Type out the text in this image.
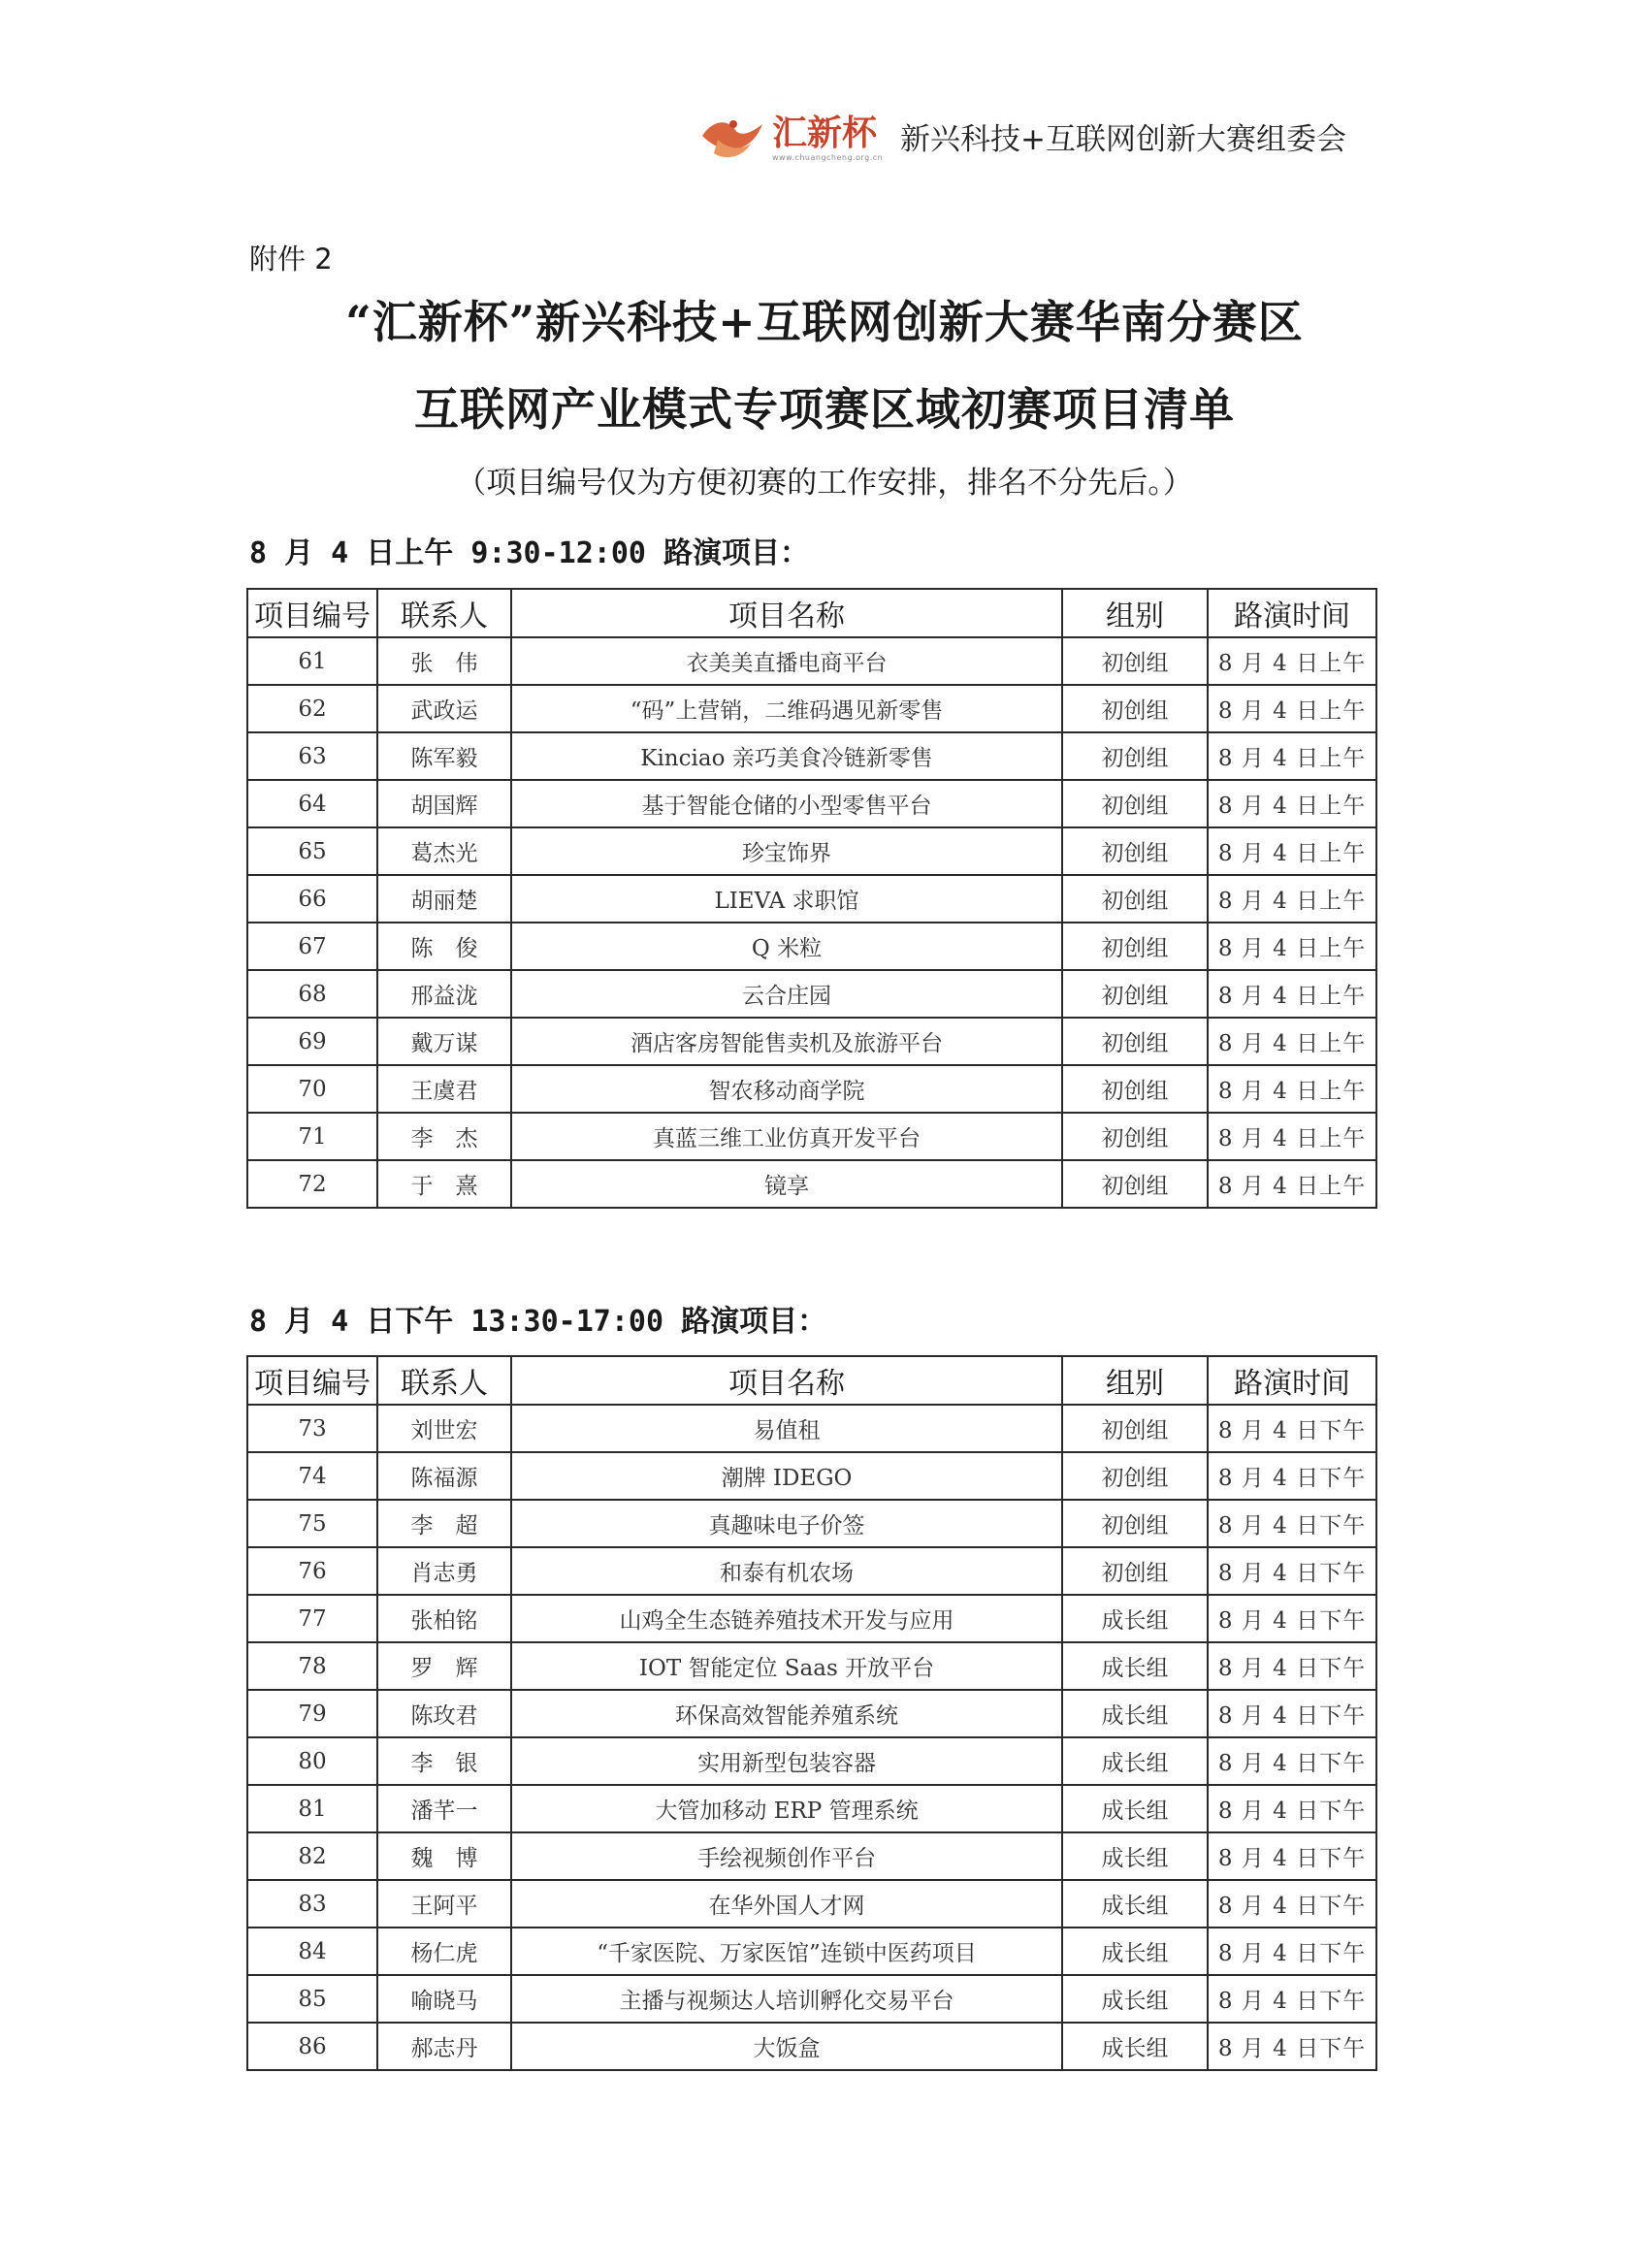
汇新杯
www.chuangcheng.org.cn 新兴科技+互联网创新大赛组委会
附件 2
“汇新杯”新兴科技+互联网创新大赛华南分赛区
互联网产业模式专项赛区域初赛项目清单
（项目编号仅为方便初赛的工作安排，排名不分先后。）
8 月 4 日上午 9:30-12:00 路演项目：
项目编号	联系人	项目名称	组别	路演时间
61	张　伟	衣美美直播电商平台	初创组	8 月 4 日上午
62	武政运	“码”上营销，二维码遇见新零售	初创组	8 月 4 日上午
63	陈军毅	Kinciao 亲巧美食冷链新零售	初创组	8 月 4 日上午
64	胡国辉	基于智能仓储的小型零售平台	初创组	8 月 4 日上午
65	葛杰光	珍宝饰界	初创组	8 月 4 日上午
66	胡丽楚	LIEVA 求职馆	初创组	8 月 4 日上午
67	陈　俊	Q 米粒	初创组	8 月 4 日上午
68	邢益泷	云合庄园	初创组	8 月 4 日上午
69	戴万谋	酒店客房智能售卖机及旅游平台	初创组	8 月 4 日上午
70	王虞君	智农移动商学院	初创组	8 月 4 日上午
71	李　杰	真蓝三维工业仿真开发平台	初创组	8 月 4 日上午
72	于　熹	镜享	初创组	8 月 4 日上午
8 月 4 日下午 13:30-17:00 路演项目：
项目编号	联系人	项目名称	组别	路演时间
73	刘世宏	易值租	初创组	8 月 4 日下午
74	陈福源	潮牌 IDEGO	初创组	8 月 4 日下午
75	李　超	真趣味电子价签	初创组	8 月 4 日下午
76	肖志勇	和泰有机农场	初创组	8 月 4 日下午
77	张柏铭	山鸡全生态链养殖技术开发与应用	成长组	8 月 4 日下午
78	罗　辉	IOT 智能定位 Saas 开放平台	成长组	8 月 4 日下午
79	陈玫君	环保高效智能养殖系统	成长组	8 月 4 日下午
80	李　银	实用新型包装容器	成长组	8 月 4 日下午
81	潘芊一	大管加移动 ERP 管理系统	成长组	8 月 4 日下午
82	魏　博	手绘视频创作平台	成长组	8 月 4 日下午
83	王阿平	在华外国人才网	成长组	8 月 4 日下午
84	杨仁虎	“千家医院、万家医馆”连锁中医药项目	成长组	8 月 4 日下午
85	喻晓马	主播与视频达人培训孵化交易平台	成长组	8 月 4 日下午
86	郝志丹	大饭盒	成长组	8 月 4 日下午
